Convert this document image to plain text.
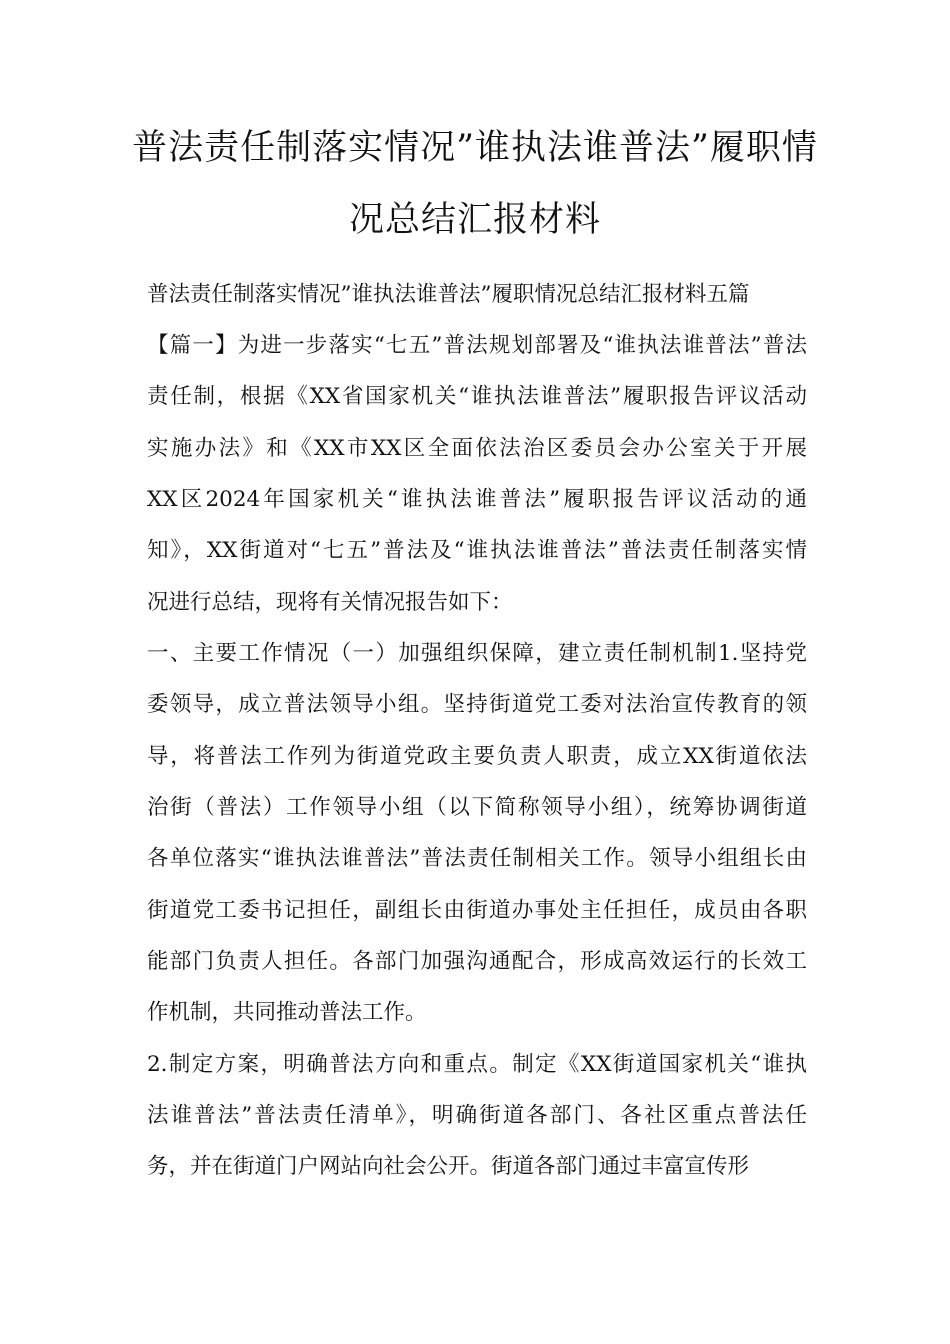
普法责任制落实情况”谁执法谁普法”履职情
况总结汇报材料
普法责任制落实情况”谁执法谁普法”履职情况总结汇报材料五篇
【篇一】为进一步落实“七五”普法规划部署及“谁执法谁普法”普法
责任制，根据《XX省国家机关“谁执法谁普法”履职报告评议活动
实施办法》和《XX市XX区全面依法治区委员会办公室关于开展
XX区2024年国家机关“谁执法谁普法”履职报告评议活动的通
知》，XX街道对“七五”普法及“谁执法谁普法”普法责任制落实情
况进行总结，现将有关情况报告如下：
一、主要工作情况（一）加强组织保障，建立责任制机制1.坚持党
委领导，成立普法领导小组。坚持街道党工委对法治宣传教育的领
导，将普法工作列为街道党政主要负责人职责，成立XX街道依法
治街（普法）工作领导小组（以下简称领导小组），统筹协调街道
各单位落实“谁执法谁普法”普法责任制相关工作。领导小组组长由
街道党工委书记担任，副组长由街道办事处主任担任，成员由各职
能部门负责人担任。各部门加强沟通配合，形成高效运行的长效工
作机制，共同推动普法工作。
2.制定方案，明确普法方向和重点。制定《XX街道国家机关“谁执
法谁普法”普法责任清单》，明确街道各部门、各社区重点普法任
务，并在街道门户网站向社会公开。街道各部门通过丰富宣传形
